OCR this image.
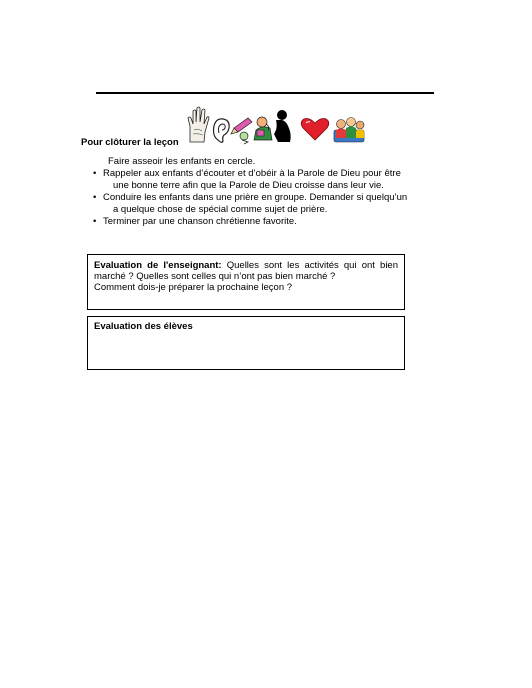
Pour clôturer la leçon

Faire asseoir les enfants en cercle.

• Rappeler aux enfants d’écouter et d’obéir à la Parole de Dieu pour être
une bonne terre afin que la Parole de Dieu croisse dans leur vie.
• Conduire les enfants dans une prière en groupe. Demander si quelqu’un
a quelque chose de spécial comme sujet de prière.
• Terminer par une chanson chrétienne favorite.
Evaluation de l'enseignant: Quelles sont les activités qui ont bien marché ? Quelles sont celles qui n’ont pas bien marché ?
Comment dois-je préparer la prochaine leçon ?
Evaluation des élèves
